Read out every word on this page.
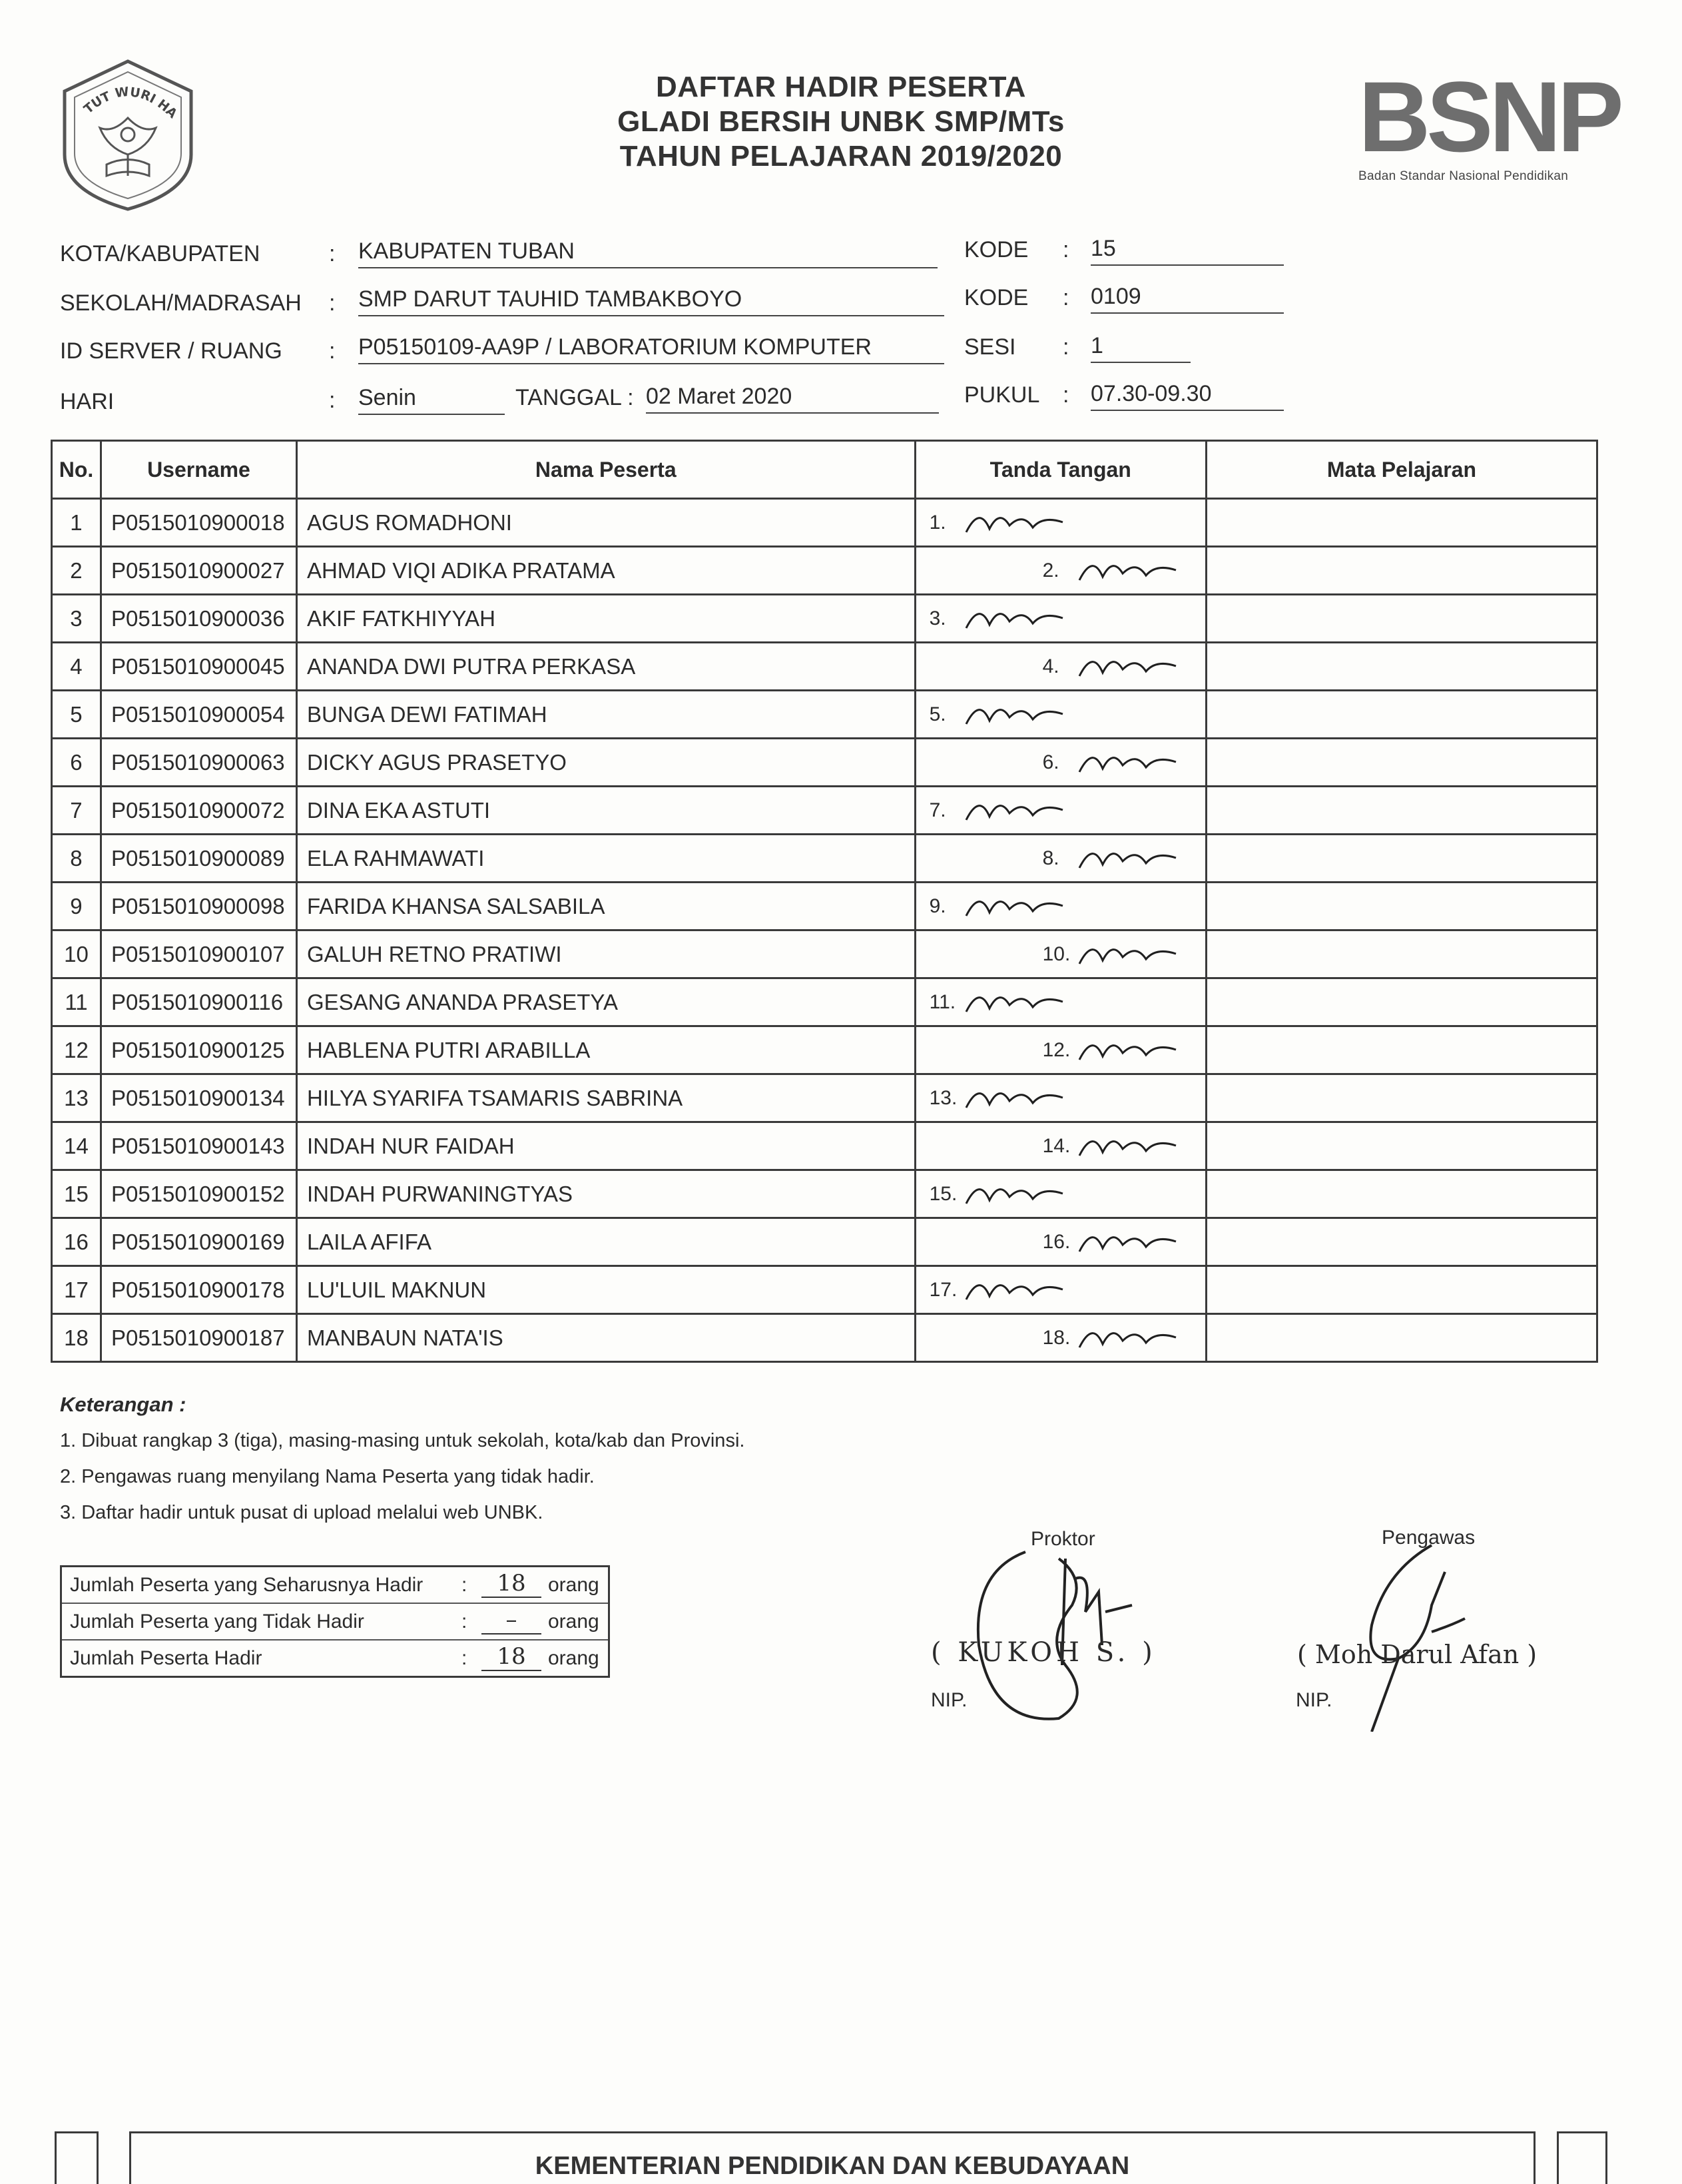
TUT WURI HA	BSNP
Badan Standar Nasional Pendidikan
DAFTAR HADIR PESERTA
GLADI BERSIH UNBK SMP/MTs
TAHUN PELAJARAN 2019/2020
KOTA/KABUPATEN	: KABUPATEN TUBAN	KODE : 15
SEKOLAH/MADRASAH : SMP DARUT TAUHID TAMBAKBOYO	KODE : 0109
ID SERVER / RUANG : P05150109-AA9P / LABORATORIUM KOMPUTER	SESI : 1
HARI	: Senin	TANGGAL : 02 Maret 2020	PUKUL : 07.30-09.30
No.	Username	Nama Peserta	Tanda Tangan	Mata Pelajaran
1	P0515010900018	AGUS ROMADHONI	1.	

2	P0515010900027	AHMAD VIQI ADIKA PRATAMA	2.	

3	P0515010900036	AKIF FATKHIYYAH	3.	

4	P0515010900045	ANANDA DWI PUTRA PERKASA	4.	

5	P0515010900054	BUNGA DEWI FATIMAH	5.	

6	P0515010900063	DICKY AGUS PRASETYO	6.	

7	P0515010900072	DINA EKA ASTUTI	7.	

8	P0515010900089	ELA RAHMAWATI	8.	

9	P0515010900098	FARIDA KHANSA SALSABILA	9.	

10	P0515010900107	GALUH RETNO PRATIWI	10.	

11	P0515010900116	GESANG ANANDA PRASETYA	11.	

12	P0515010900125	HABLENA PUTRI ARABILLA	12.	

13	P0515010900134	HILYA SYARIFA TSAMARIS SABRINA	13.	

14	P0515010900143	INDAH NUR FAIDAH	14.	

15	P0515010900152	INDAH PURWANINGTYAS	15.	

16	P0515010900169	LAILA AFIFA	16.	

17	P0515010900178	LU'LUIL MAKNUN	17.	

18	P0515010900187	MANBAUN NATA'IS	18.	

Keterangan :
1. Dibuat rangkap 3 (tiga), masing-masing untuk sekolah, kota/kab dan Provinsi.
2. Pengawas ruang menyilang Nama Peserta yang tidak hadir.
3. Daftar hadir untuk pusat di upload melalui web UNBK.
Jumlah Peserta yang Seharusnya Hadir :	18	orang
Jumlah Peserta yang Tidak Hadir	:	–	orang
Jumlah Peserta Hadir	:	18	orang
Proktor
( KUKOH S. )
NIP.
Pengawas
( Moh Darul Afan )
NIP.
KEMENTERIAN PENDIDIKAN DAN KEBUDAYAAN
